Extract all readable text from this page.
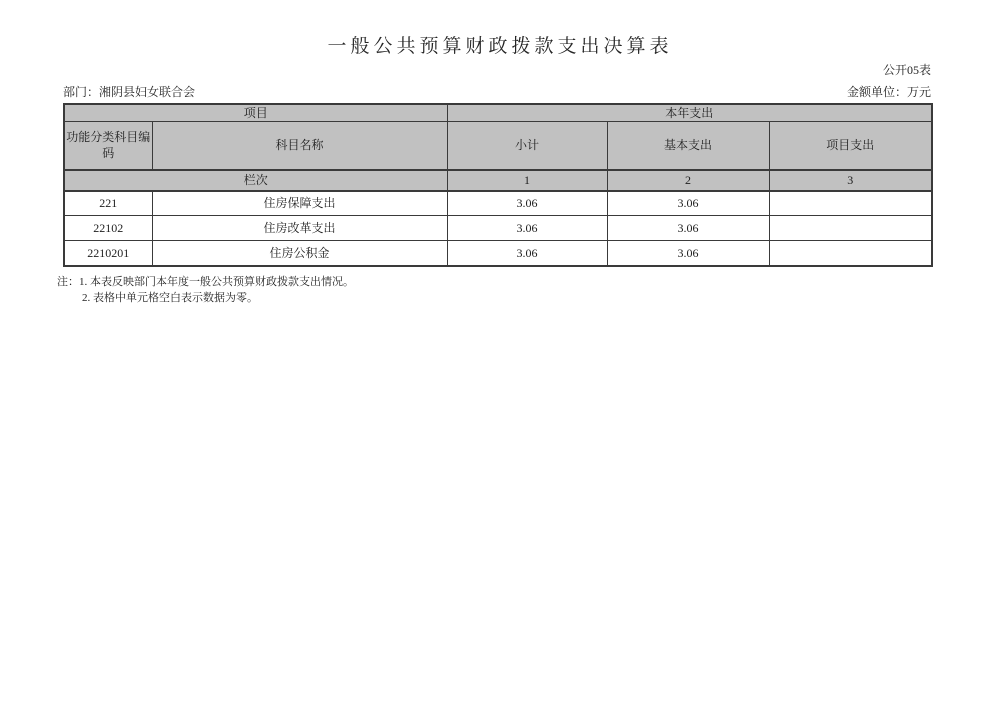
一般公共预算财政拨款支出决算表
公开05表
部门：湘阴县妇女联合会	金额单位：万元
项目		本年支出		
功能分类科目编码	科目名称	小计	基本支出	项目支出
栏次		1	2	3
221	住房保障支出	3.06	3.06	
22102	住房改革支出	3.06	3.06	
2210201	住房公积金	3.06	3.06	
注：1. 本表反映部门本年度一般公共预算财政拨款支出情况。
2. 表格中单元格空白表示数据为零。
